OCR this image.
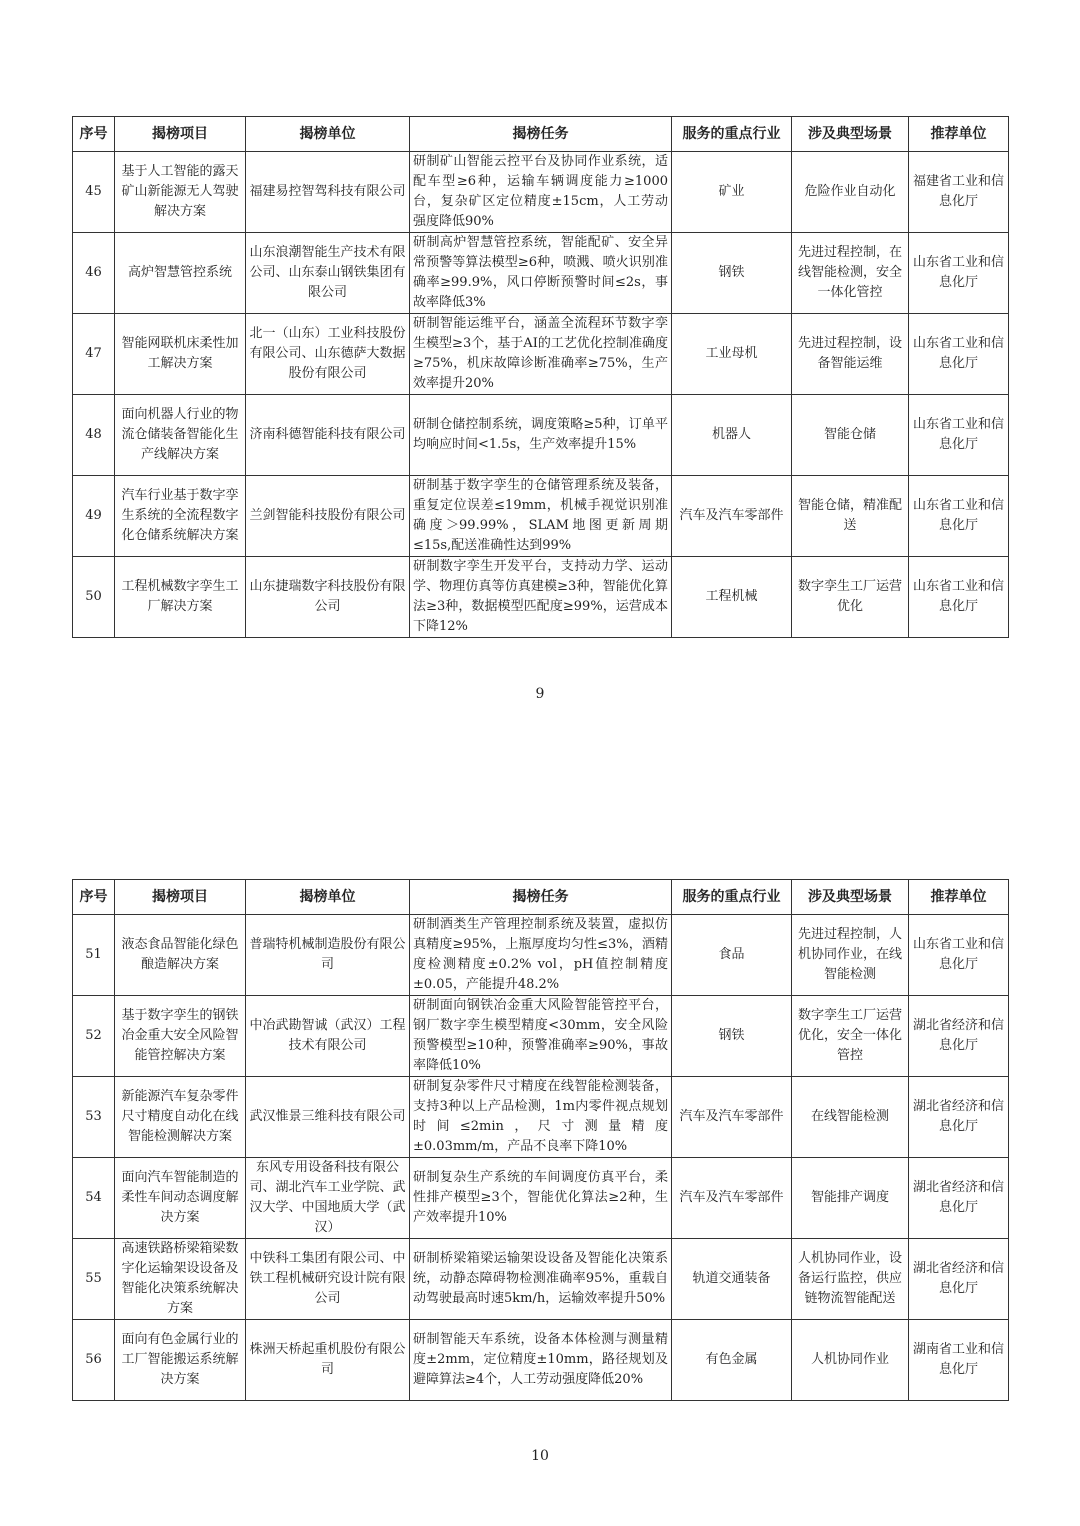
序号	揭榜项目	揭榜单位	揭榜任务	服务的重点行业	涉及典型场景	推荐单位
45	基于人工智能的露天矿山新能源无人驾驶解决方案	福建易控智驾科技有限公司	研制矿山智能云控平台及协同作业系统，适配车型≥6种，运输车辆调度能力≥1000台，复杂矿区定位精度±15cm，人工劳动强度降低90%	矿业	危险作业自动化	福建省工业和信息化厅
46	高炉智慧管控系统	山东浪潮智能生产技术有限公司、山东泰山钢铁集团有限公司	研制高炉智慧管控系统，智能配矿、安全异常预警等算法模型≥6种，喷溅、喷火识别准确率≥99.9%，风口停断预警时间≤2s，事故率降低3%	钢铁	先进过程控制，在线智能检测，安全一体化管控	山东省工业和信息化厅
47	智能网联机床柔性加工解决方案	北一（山东）工业科技股份有限公司、山东德萨大数据股份有限公司	研制智能运维平台，涵盖全流程环节数字孪生模型≥3个，基于AI的工艺优化控制准确度≥75%，机床故障诊断准确率≥75%，生产效率提升20%	工业母机	先进过程控制，设备智能运维	山东省工业和信息化厅
48	面向机器人行业的物流仓储装备智能化生产线解决方案	济南科德智能科技有限公司	研制仓储控制系统，调度策略≥5种，订单平均响应时间<1.5s，生产效率提升15%	机器人	智能仓储	山东省工业和信息化厅
49	汽车行业基于数字孪生系统的全流程数字化仓储系统解决方案	兰剑智能科技股份有限公司	研制基于数字孪生的仓储管理系统及装备，重复定位误差≤19mm，机械手视觉识别准确度＞99.99%，SLAM地图更新周期≤15s,配送准确性达到99%	汽车及汽车零部件	智能仓储，精准配送	山东省工业和信息化厅
50	工程机械数字孪生工厂解决方案	山东捷瑞数字科技股份有限公司	研制数字孪生开发平台，支持动力学、运动学、物理仿真等仿真建模≥3种，智能优化算法≥3种，数据模型匹配度≥99%，运营成本下降12%	工程机械	数字孪生工厂运营优化	山东省工业和信息化厅
9
序号	揭榜项目	揭榜单位	揭榜任务	服务的重点行业	涉及典型场景	推荐单位
51	液态食品智能化绿色酿造解决方案	普瑞特机械制造股份有限公司	研制酒类生产管理控制系统及装置，虚拟仿真精度≥95%，上瓶厚度均匀性≤3%，酒精度检测精度±0.2% vol，pH值控制精度±0.05，产能提升48.2%	食品	先进过程控制，人机协同作业，在线智能检测	山东省工业和信息化厅
52	基于数字孪生的钢铁冶金重大安全风险智能管控解决方案	中冶武勘智诚（武汉）工程技术有限公司	研制面向钢铁冶金重大风险智能管控平台，钢厂数字孪生模型精度<30mm，安全风险预警模型≥10种，预警准确率≥90%，事故率降低10%	钢铁	数字孪生工厂运营优化，安全一体化管控	湖北省经济和信息化厅
53	新能源汽车复杂零件尺寸精度自动化在线智能检测解决方案	武汉惟景三维科技有限公司	研制复杂零件尺寸精度在线智能检测装备，支持3种以上产品检测，1m内零件视点规划时间≤2min，尺寸测量精度±0.03mm/m，产品不良率下降10%	汽车及汽车零部件	在线智能检测	湖北省经济和信息化厅
54	面向汽车智能制造的柔性车间动态调度解决方案	东风专用设备科技有限公司、湖北汽车工业学院、武汉大学、中国地质大学（武汉）	研制复杂生产系统的车间调度仿真平台，柔性排产模型≥3个，智能优化算法≥2种，生产效率提升10%	汽车及汽车零部件	智能排产调度	湖北省经济和信息化厅
55	高速铁路桥梁箱梁数字化运输架设设备及智能化决策系统解决方案	中铁科工集团有限公司、中铁工程机械研究设计院有限公司	研制桥梁箱梁运输架设设备及智能化决策系统，动静态障碍物检测准确率95%，重载自动驾驶最高时速5km/h，运输效率提升50%	轨道交通装备	人机协同作业，设备运行监控，供应链物流智能配送	湖北省经济和信息化厅
56	面向有色金属行业的工厂智能搬运系统解决方案	株洲天桥起重机股份有限公司	研制智能天车系统，设备本体检测与测量精度±2mm，定位精度±10mm，路径规划及避障算法≥4个，人工劳动强度降低20%	有色金属	人机协同作业	湖南省工业和信息化厅
10
